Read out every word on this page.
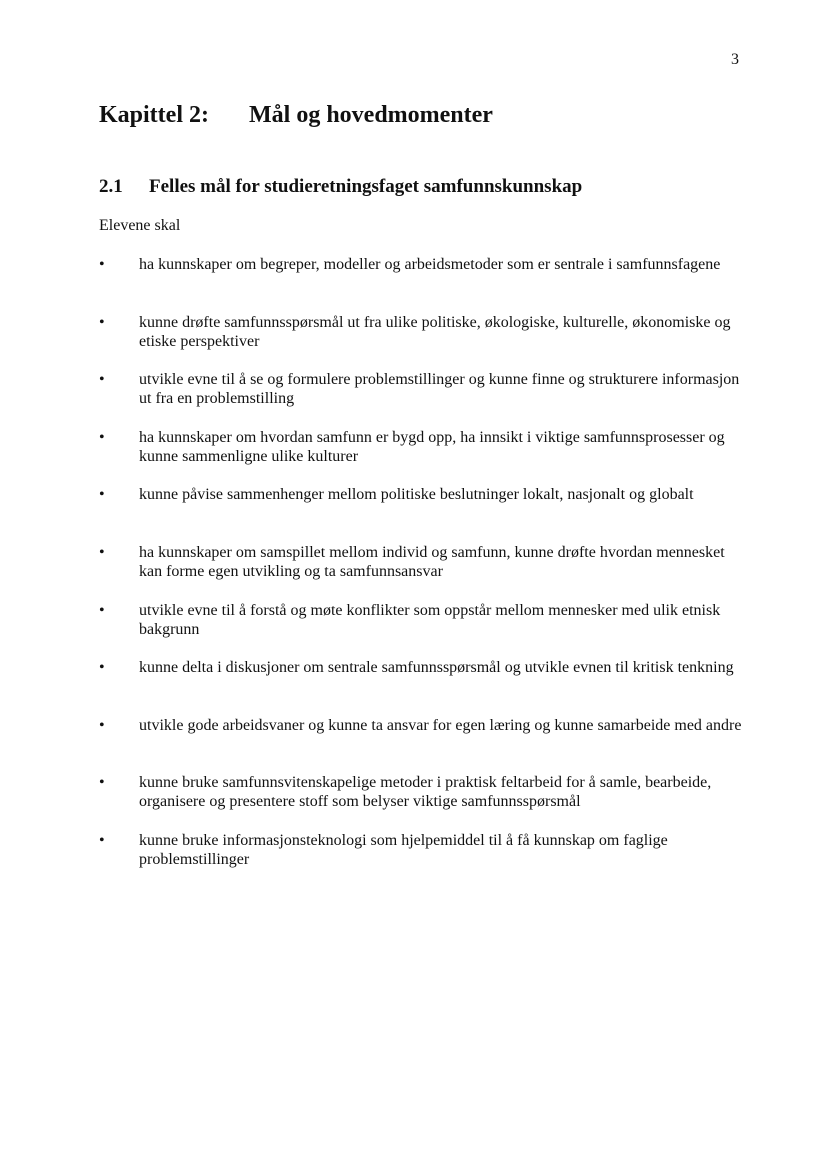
3
Kapittel 2: Mål og hovedmomenter
2.1 Felles mål for studieretningsfaget samfunnskunnskap
Elevene skal
•	ha kunnskaper om begreper, modeller og arbeidsmetoder som er sentrale i samfunnsfagene
•	kunne drøfte samfunnsspørsmål ut fra ulike politiske, økologiske, kulturelle, økonomiske og etiske perspektiver
•	utvikle evne til å se og formulere problemstillinger og kunne finne og strukturere informasjon ut fra en problemstilling
•	ha kunnskaper om hvordan samfunn er bygd opp, ha innsikt i viktige samfunnsprosesser og kunne sammenligne ulike kulturer
•	kunne påvise sammenhenger mellom politiske beslutninger lokalt, nasjonalt og globalt
•	ha kunnskaper om samspillet mellom individ og samfunn, kunne drøfte hvordan mennesket kan forme egen utvikling og ta samfunnsansvar
•	utvikle evne til å forstå og møte konflikter som oppstår mellom mennesker med ulik etnisk bakgrunn
•	kunne delta i diskusjoner om sentrale samfunnsspørsmål og utvikle evnen til kritisk tenkning
•	utvikle gode arbeidsvaner og kunne ta ansvar for egen læring og kunne samarbeide med andre
•	kunne bruke samfunnsvitenskapelige metoder i praktisk feltarbeid for å samle, bearbeide, organisere og presentere stoff som belyser viktige samfunnsspørsmål
•	kunne bruke informasjonsteknologi som hjelpemiddel til å få kunnskap om faglige problemstillinger
